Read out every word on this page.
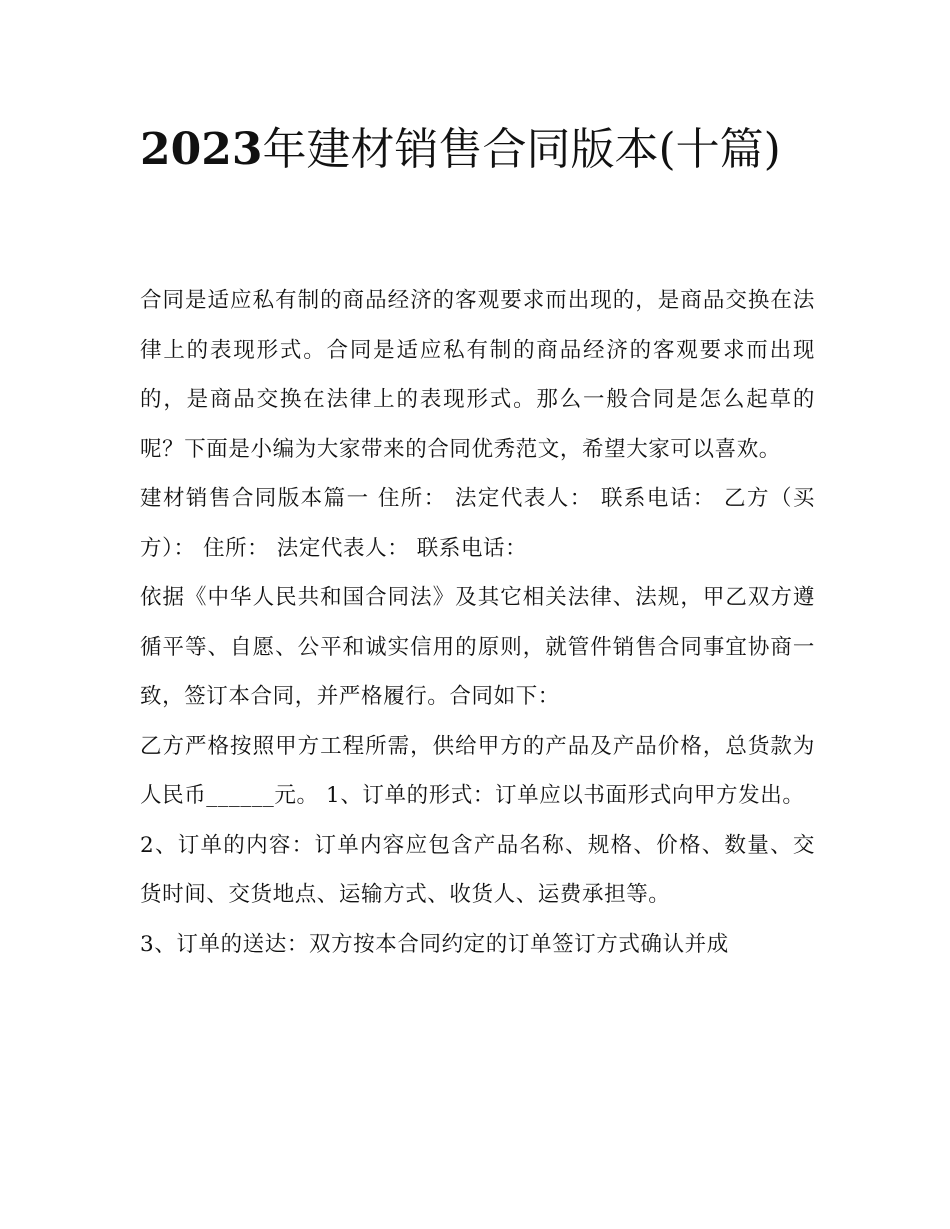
2023年建材销售合同版本(十篇)

合同是适应私有制的商品经济的客观要求而出现的，是商品交换在法律上的表现形式。合同是适应私有制的商品经济的客观要求而出现的，是商品交换在法律上的表现形式。那么一般合同是怎么起草的呢？下面是小编为大家带来的合同优秀范文，希望大家可以喜欢。

建材销售合同版本篇一 住所： 法定代表人： 联系电话： 乙方（买方）： 住所： 法定代表人： 联系电话：

依据《中华人民共和国合同法》及其它相关法律、法规，甲乙双方遵循平等、自愿、公平和诚实信用的原则，就管件销售合同事宜协商一致，签订本合同，并严格履行。合同如下：

乙方严格按照甲方工程所需，供给甲方的产品及产品价格，总货款为人民币______元。 1、订单的形式：订单应以书面形式向甲方发出。

2、订单的内容：订单内容应包含产品名称、规格、价格、数量、交货时间、交货地点、运输方式、收货人、运费承担等。

3、订单的送达：双方按本合同约定的订单签订方式确认并成
